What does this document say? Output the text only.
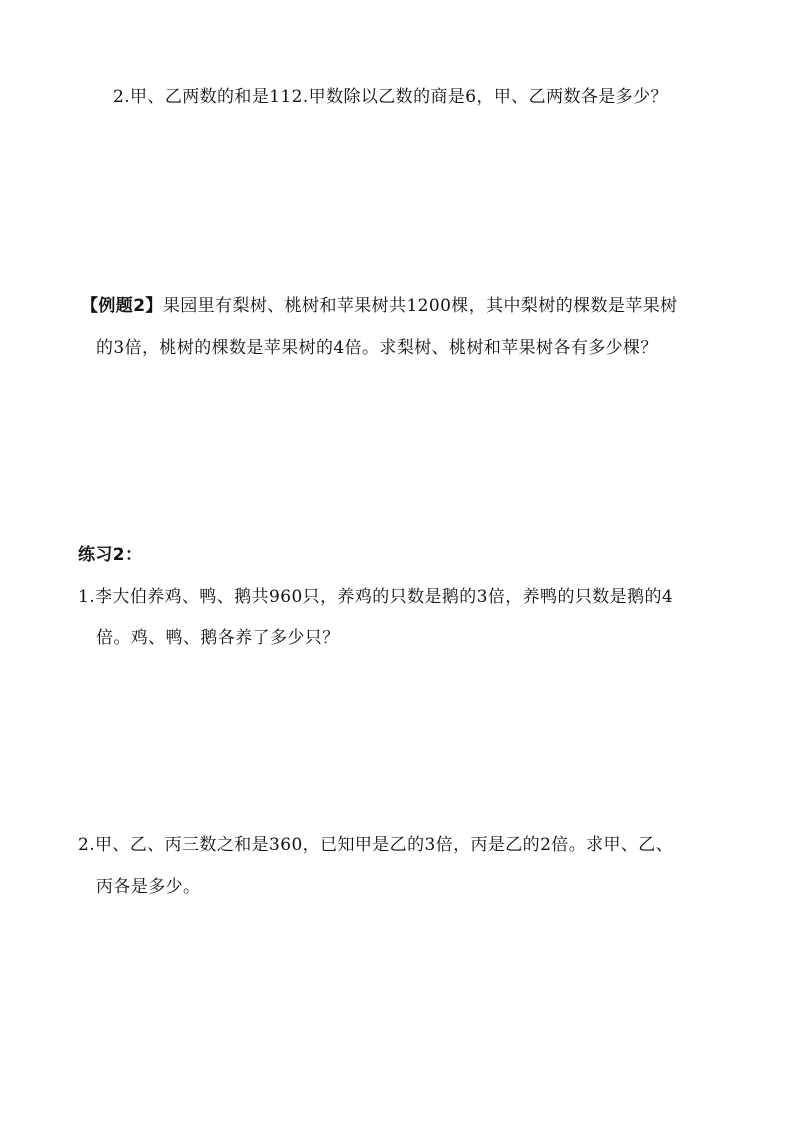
2.甲、乙两数的和是112.甲数除以乙数的商是6，甲、乙两数各是多少？
【例题2】果园里有梨树、桃树和苹果树共1200棵，其中梨树的棵数是苹果树
的3倍，桃树的棵数是苹果树的4倍。求梨树、桃树和苹果树各有多少棵？
练习2：
1.李大伯养鸡、鸭、鹅共960只，养鸡的只数是鹅的3倍，养鸭的只数是鹅的4
倍。鸡、鸭、鹅各养了多少只？
2.甲、乙、丙三数之和是360，已知甲是乙的3倍，丙是乙的2倍。求甲、乙、
丙各是多少。
